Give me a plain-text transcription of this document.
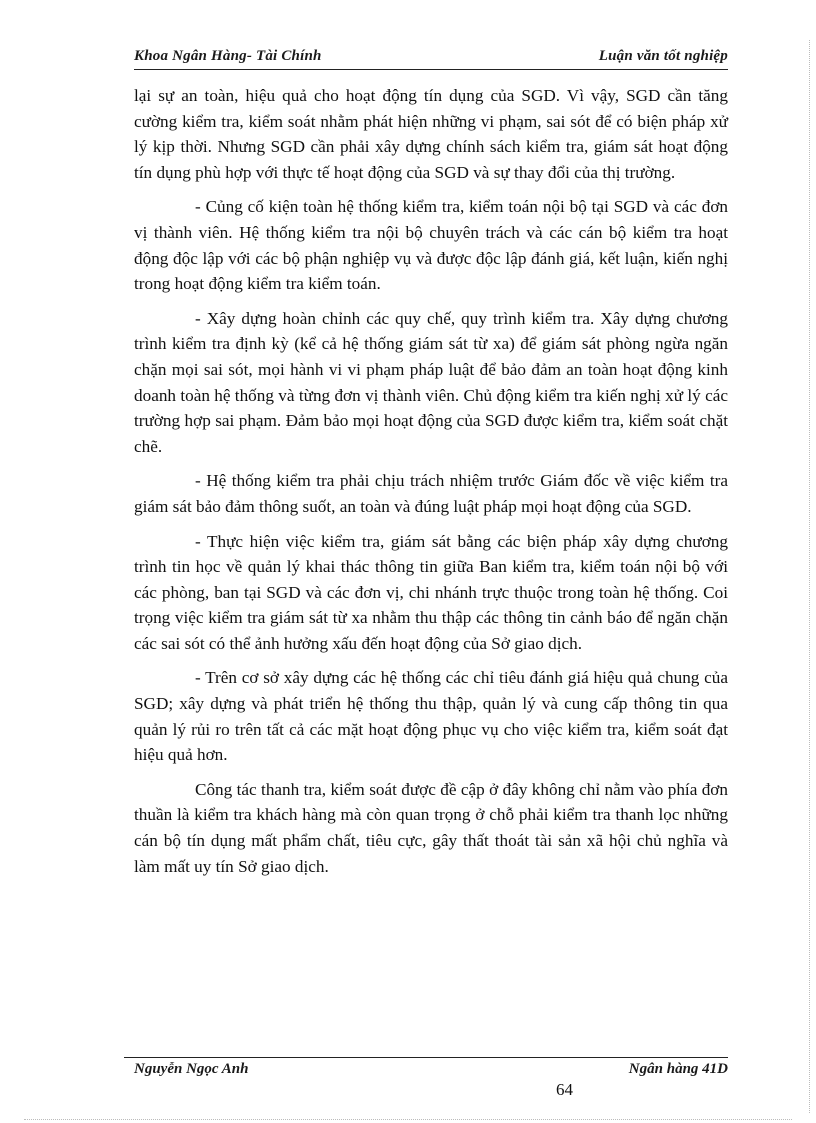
Khoa Ngân Hàng- Tài Chính	Luận văn tốt nghiệp

lại sự an toàn, hiệu quả cho hoạt động tín dụng của SGD. Vì vậy, SGD cần tăng cường kiểm tra, kiểm soát nhằm phát hiện những vi phạm, sai sót để có biện pháp xử lý kịp thời. Nhưng SGD cần phải xây dựng chính sách kiểm tra, giám sát hoạt động tín dụng phù hợp với thực tế hoạt động của SGD và sự thay đổi của thị trường.

- Củng cố kiện toàn hệ thống kiểm tra, kiểm toán nội bộ tại SGD và các đơn vị thành viên. Hệ thống kiểm tra nội bộ chuyên trách và các cán bộ kiểm tra hoạt động độc lập với các bộ phận nghiệp vụ và được độc lập đánh giá, kết luận, kiến nghị trong hoạt động kiểm tra kiểm toán.

- Xây dựng hoàn chỉnh các quy chế, quy trình kiểm tra. Xây dựng chương trình kiểm tra định kỳ (kể cả hệ thống giám sát từ xa) để giám sát phòng ngừa ngăn chặn mọi sai sót, mọi hành vi vi phạm pháp luật để bảo đảm an toàn hoạt động kinh doanh toàn hệ thống và từng đơn vị thành viên. Chủ động kiểm tra kiến nghị xử lý các trường hợp sai phạm. Đảm bảo mọi hoạt động của SGD được kiểm tra, kiểm soát chặt chẽ.

- Hệ thống kiểm tra phải chịu trách nhiệm trước Giám đốc về việc kiểm tra giám sát bảo đảm thông suốt, an toàn và đúng luật pháp mọi hoạt động của SGD.

- Thực hiện việc kiểm tra, giám sát bằng các biện pháp xây dựng chương trình tin học về quản lý khai thác thông tin giữa Ban kiểm tra, kiểm toán nội bộ với các phòng, ban tại SGD và các đơn vị, chi nhánh trực thuộc trong toàn hệ thống. Coi trọng việc kiểm tra giám sát từ xa nhằm thu thập các thông tin cảnh báo để ngăn chặn các sai sót có thể ảnh hưởng xấu đến hoạt động của Sở giao dịch.

- Trên cơ sở xây dựng các hệ thống các chỉ tiêu đánh giá hiệu quả chung của SGD; xây dựng và phát triển hệ thống thu thập, quản lý và cung cấp thông tin qua quản lý rủi ro trên tất cả các mặt hoạt động phục vụ cho việc kiểm tra, kiểm soát đạt hiệu quả hơn.

Công tác thanh tra, kiểm soát được đề cập ở đây không chỉ nằm vào phía đơn thuần là kiểm tra khách hàng mà còn quan trọng ở chỗ phải kiểm tra thanh lọc những cán bộ tín dụng mất phẩm chất, tiêu cực, gây thất thoát tài sản xã hội chủ nghĩa và làm mất uy tín Sở giao dịch.

Nguyễn Ngọc Anh	Ngân hàng 41D
64
